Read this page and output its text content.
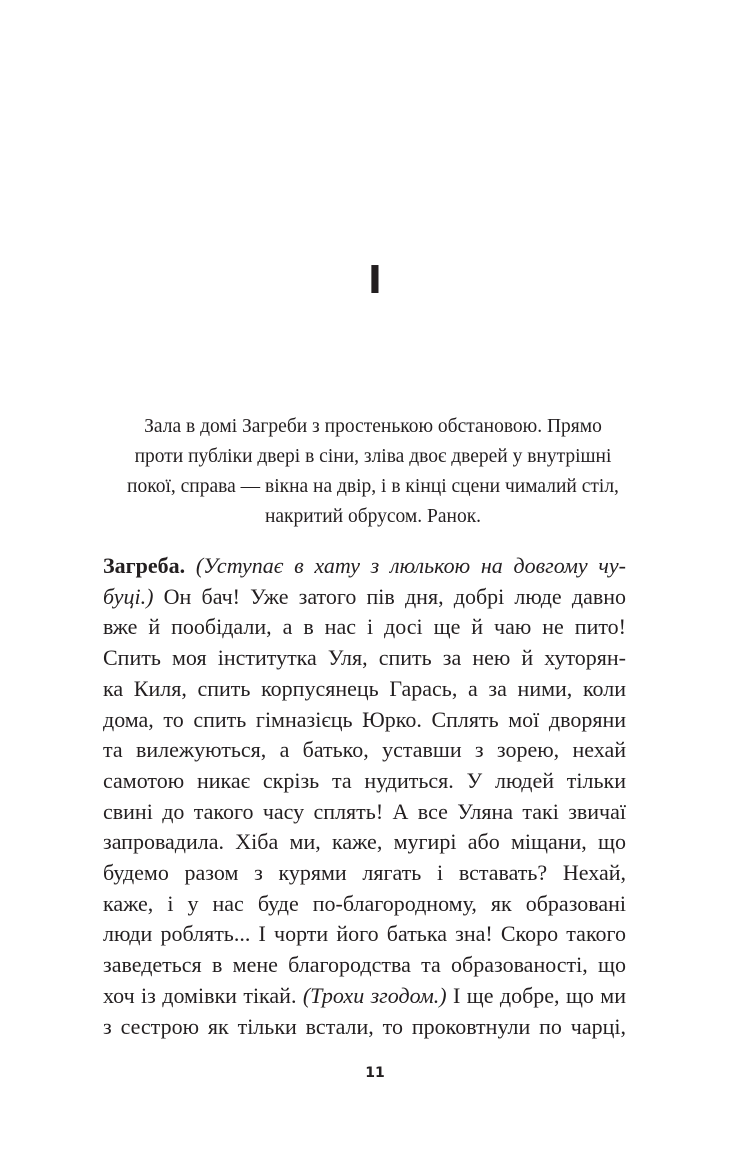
I
Зала в домі Загреби з простенькою обстановою. Прямо
проти публіки двері в сіни, зліва двоє дверей у внутрішні
покої, справа — вікна на двір, і в кінці сцени чималий стіл,
накритий обрусом. Ранок.
Загреба. (Уступає в хату з люлькою на довгому чу-
буці.) Он бач! Уже затого пів дня, добрі люде давно
вже й пообідали, а в нас і досі ще й чаю не пито!
Спить моя інститутка Уля, спить за нею й хуторян-
ка Киля, спить корпусянець Гарась, а за ними, коли
дома, то спить гімназієць Юрко. Сплять мої дворяни
та вилежуються, а батько, уставши з зорею, нехай
самотою никає скрізь та нудиться. У людей тільки
свині до такого часу сплять! А все Уляна такі звичаї
запровадила. Хіба ми, каже, мугирі або міщани, що
будемо разом з курями лягать і вставать? Нехай,
каже, і у нас буде по-благородному, як образовані
люди роблять... І чорти його батька зна! Скоро такого
заведеться в мене благородства та образованості, що
хоч із домівки тікай. (Трохи згодом.) І ще добре, що ми
з сестрою як тільки встали, то проковтнули по чарці,
11
